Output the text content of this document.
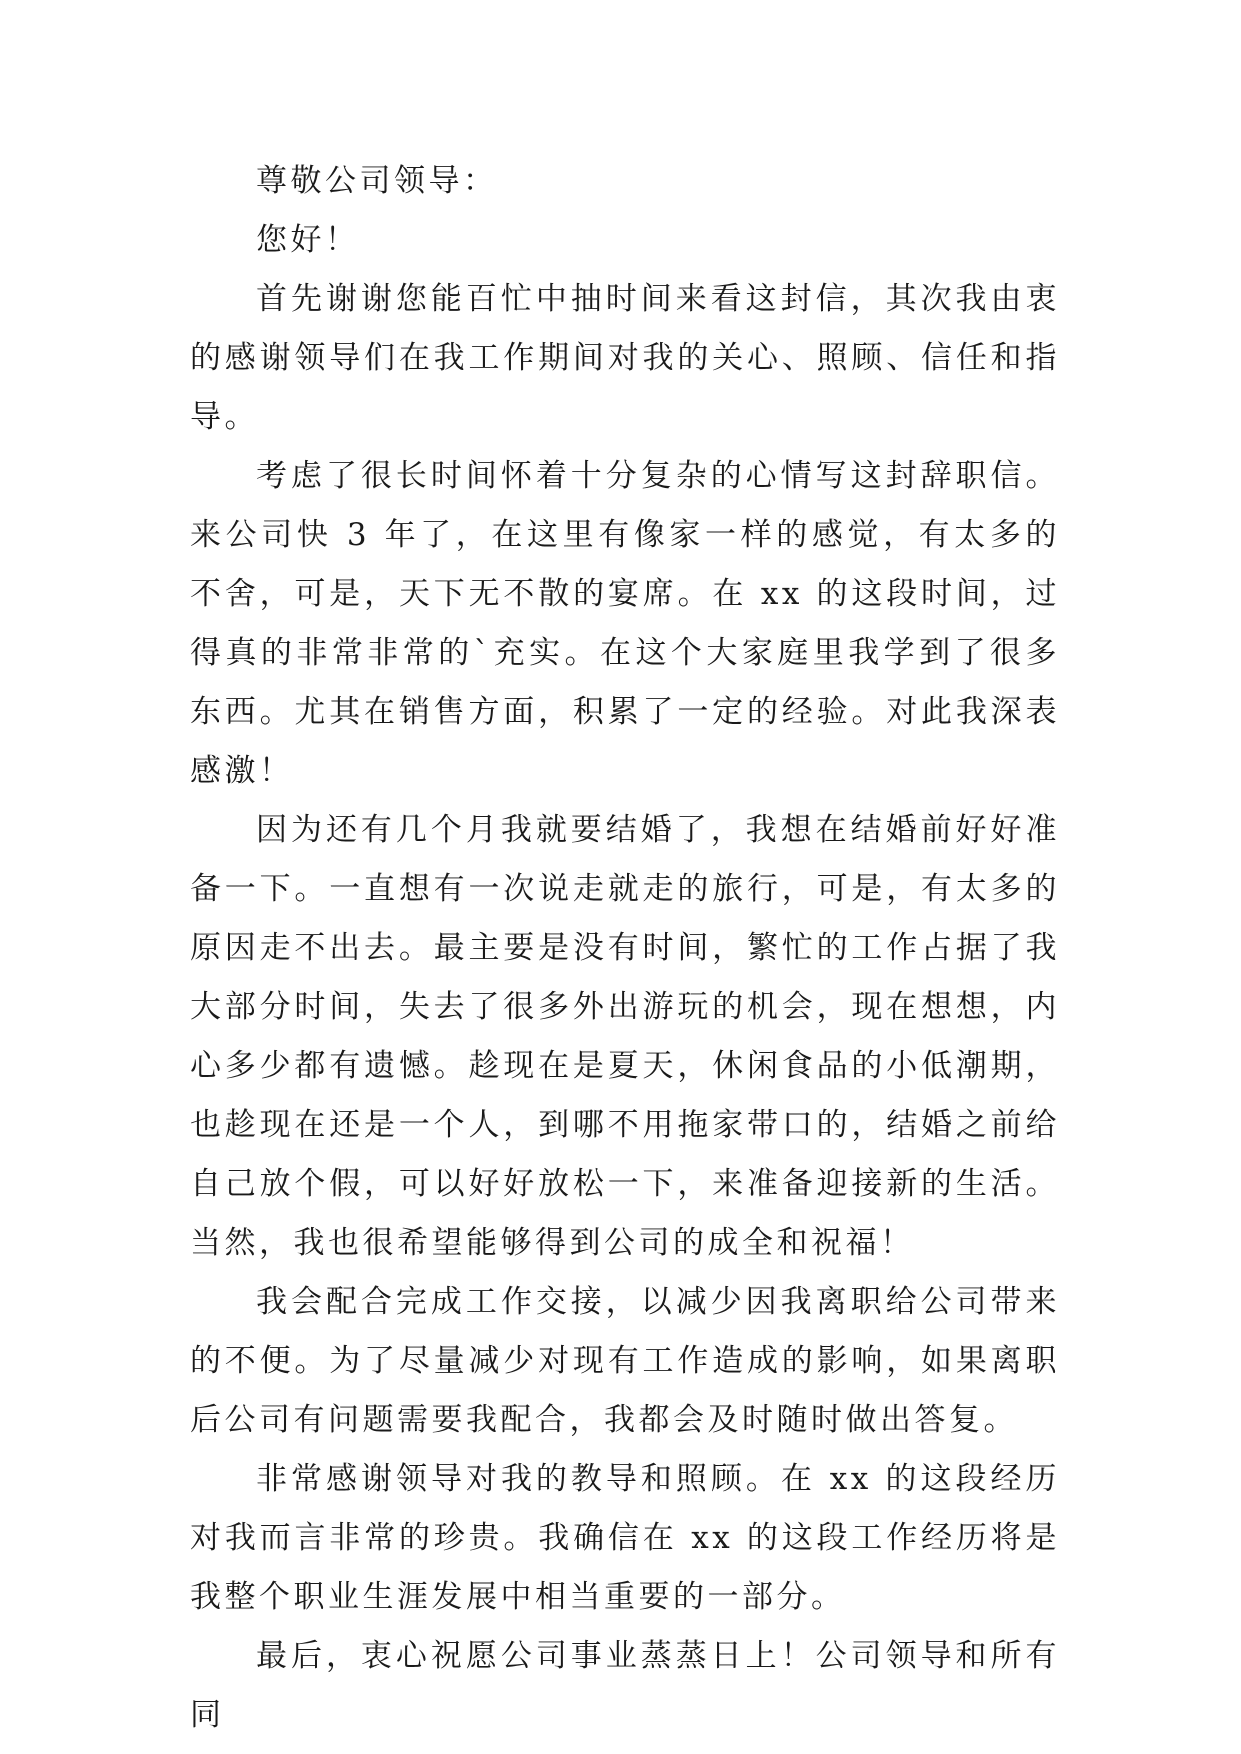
尊敬公司领导：

您好！

首先谢谢您能百忙中抽时间来看这封信，其次我由衷的感谢领导们在我工作期间对我的关心、照顾、信任和指导。

考虑了很长时间怀着十分复杂的心情写这封辞职信。来公司快 3 年了，在这里有像家一样的感觉，有太多的不舍，可是，天下无不散的宴席。在 xx 的这段时间，过得真的非常非常的`充实。在这个大家庭里我学到了很多东西。尤其在销售方面，积累了一定的经验。对此我深表感激！

因为还有几个月我就要结婚了，我想在结婚前好好准备一下。一直想有一次说走就走的旅行，可是，有太多的原因走不出去。最主要是没有时间，繁忙的工作占据了我大部分时间，失去了很多外出游玩的机会，现在想想，内心多少都有遗憾。趁现在是夏天，休闲食品的小低潮期，也趁现在还是一个人，到哪不用拖家带口的，结婚之前给自己放个假，可以好好放松一下，来准备迎接新的生活。当然，我也很希望能够得到公司的成全和祝福！

我会配合完成工作交接，以减少因我离职给公司带来的不便。为了尽量减少对现有工作造成的影响，如果离职后公司有问题需要我配合，我都会及时随时做出答复。

非常感谢领导对我的教导和照顾。在 xx 的这段经历对我而言非常的珍贵。我确信在 xx 的这段工作经历将是我整个职业生涯发展中相当重要的一部分。

最后，衷心祝愿公司事业蒸蒸日上！公司领导和所有同
